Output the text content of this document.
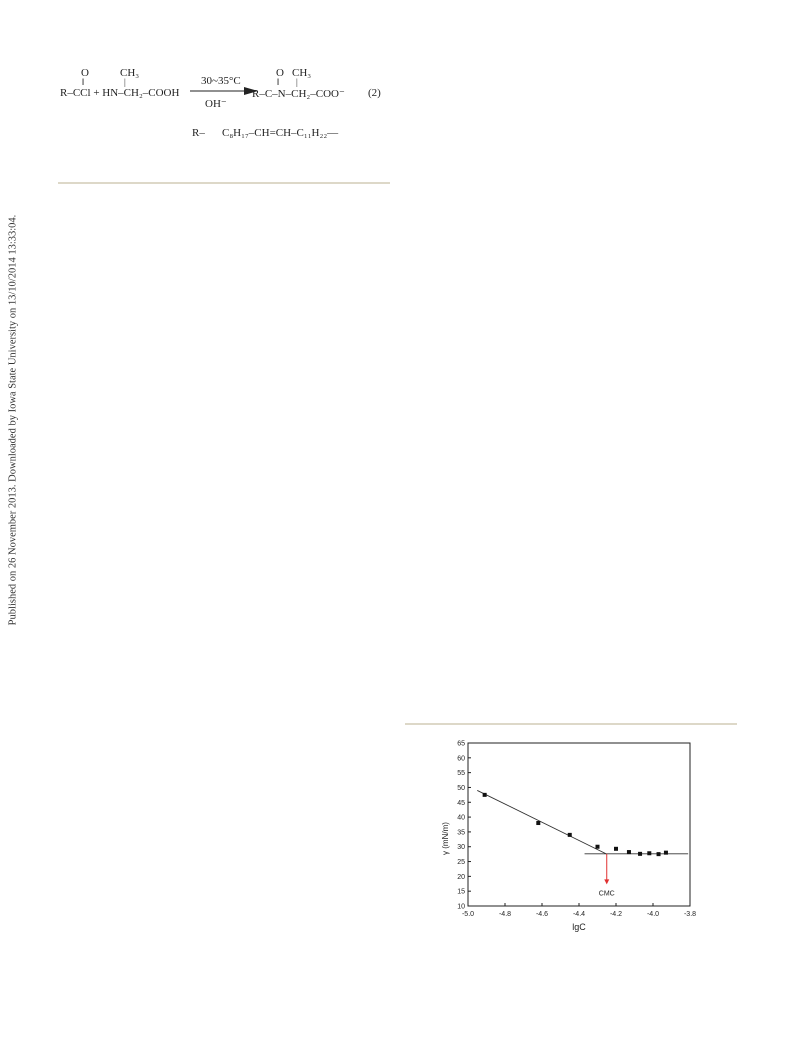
Published on 26 November 2013. Downloaded by Iowa State University on 13/10/2014 13:33:04.
O
‖
CH₃
|
R–CCl + HN–CH₂–COOH
30~35°C
OH⁻
O
‖
CH₃
|
R–C–N–CH₂–COO⁻ (2)
R– C₈H₁₇–CH=CH–C₁₁H₂₂—
-5.0	-4.8	-4.6	-4.4	-4.2	-4.0	-3.8
10
15
20
25
30
35
40
45
50
55
60
65
CMC
lgC
γ (mN/m)
